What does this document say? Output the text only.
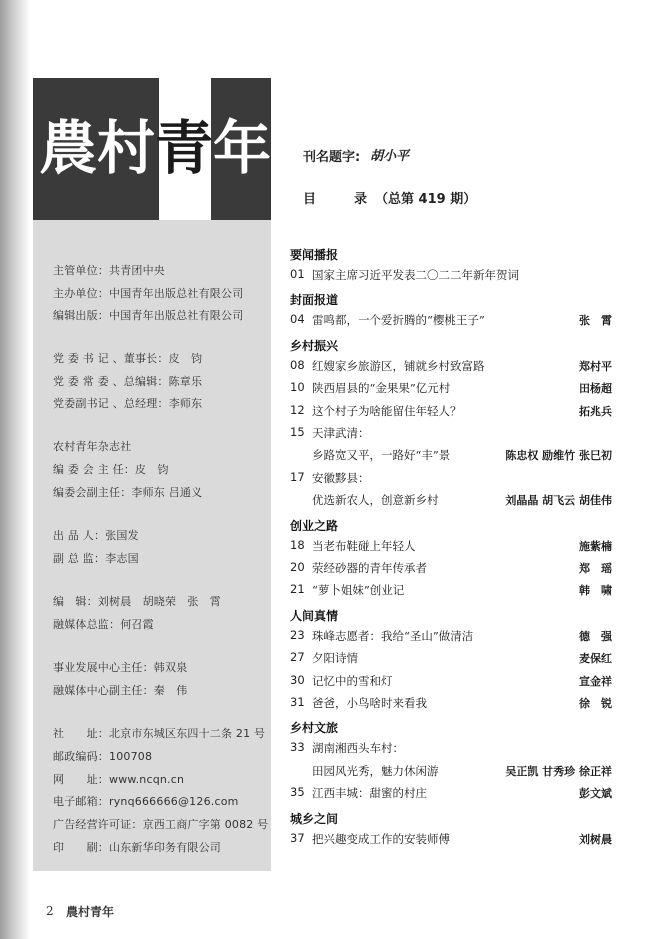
農 村 青 年 刊名题字: 胡小平
目	录 （总第 419 期）
主管单位：共青团中央
主办单位：中国青年出版总社有限公司
编辑出版：中国青年出版总社有限公司
党 委 书 记 、董事长：皮　钧
党 委 常 委 、总编辑：陈章乐
党委副书记 、总经理：李师东
农村青年杂志社
编 委 会 主 任：皮　钧
编委会副主任：李师东 吕通义
出 品 人：张国发
副 总 监：李志国
编　辑：刘树晨　胡晓荣　张　霄
融媒体总监：何召霞
事业发展中心主任：韩双泉
融媒体中心副主任：秦　伟
社　　址：北京市东城区东四十二条 21 号
邮政编码：100708
网　　址：www.ncqn.cn
电子邮箱：rynq666666@126.com
广告经营许可证：京西工商广字第 0082 号
印　　刷：山东新华印务有限公司
要闻播报
01 国家主席习近平发表二〇二二年新年贺词
封面报道
04 雷鸣都，一个爱折腾的“樱桃王子”	张　霄
乡村振兴
08 红嫂家乡旅游区，铺就乡村致富路	郑村平
10 陕西眉县的“金果果”亿元村	田杨超
12 这个村子为啥能留住年轻人？	拓兆兵
15 天津武清：
乡路宽又平，一路好“丰”景	陈忠权 励维竹 张巳初
17 安徽黟县：
优选新农人，创意新乡村	刘晶晶 胡飞云 胡佳伟
创业之路
18 当老布鞋碰上年轻人	施紫楠
20 荥经砂器的青年传承者	郑　瑶
21 “萝卜姐妹”创业记	韩　啸
人间真情
23 珠峰志愿者：我给“圣山”做清洁	德　强
27 夕阳诗情	麦保红
30 记忆中的雪和灯	宣金祥
31 爸爸，小鸟啥时来看我	徐　锐
乡村文旅
33 湖南湘西头车村：
田园风光秀，魅力休闲游	吴正凯 甘秀珍 徐正祥
35 江西丰城：甜蜜的村庄	彭文斌
城乡之间
37 把兴趣变成工作的安装师傅	刘树晨
2 農村青年
